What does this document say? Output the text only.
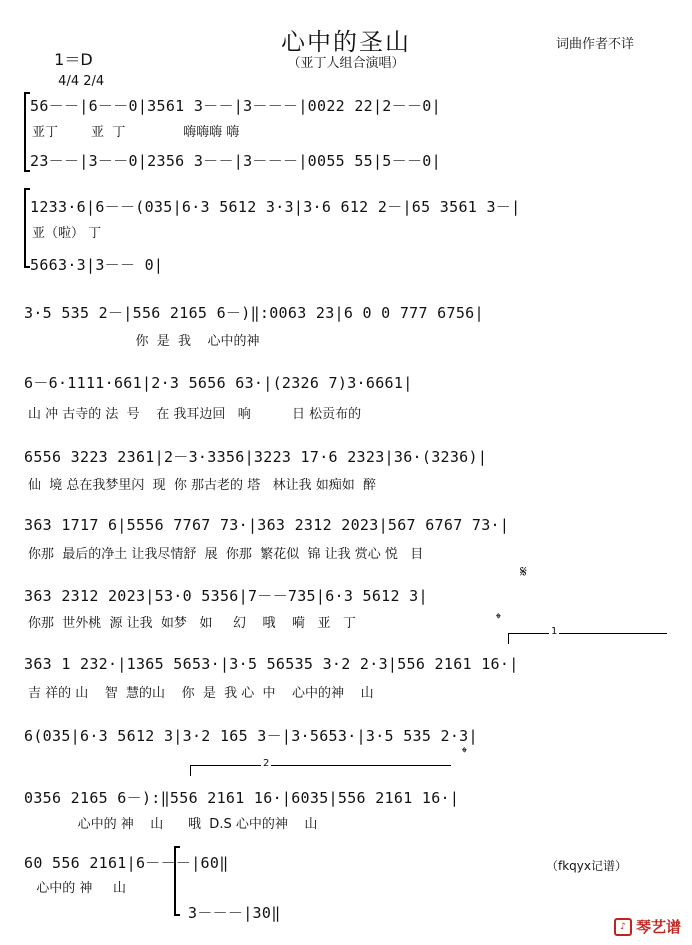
1＝D
4/4 2/4

心中的圣山
（亚丁人组合演唱）
词曲作者不详
56－－|6－－0|3561 3－－|3－－－|0022 22|2－－0|
亚丁        亚  丁              嗨嗨嗨 嗨
23－－|3－－0|2356 3－－|3－－－|0055 55|5－－0|
1233·6|6－－(035|6·3 5612 3·3|3·6 612 2－|65 3561 3－|
亚（啦） 丁
5663·3|3－－ 0|
3·5 535 2－|556 2165 6－)‖:0063 23|6 0 0 777 6756|
你  是  我    心中的神
6－6·1111·661|2·3 5656 63·|(2326 7)3·6661|
山 冲 古寺的 法  号    在 我耳边回   响          日 松贡布的
6556 3223 2361|2－3·3356|3223 17·6 2323|36·(3236)|
仙  境 总在我梦里闪  现  你 那古老的 塔   林让我 如痴如  醉
363 1717 6|5556 7767 73·|363 2312 2023|567 6767 73·|
你那  最后的净土 让我尽情舒  展  你那  繁花似  锦 让我 赏心 悦   目
363 2312 2023|53·0 5356|7－－735|6·3 5612 3|
你那  世外桃  源 让我  如梦   如     幻    哦    嗬   亚   丁
𝄋
𝄌
1
363 1 232·|1365 5653·|3·5 56535 3·2 2·3|556 2161 16·|
吉 祥的 山    智  慧的山    你  是  我 心  中    心中的神    山
6(035|6·3 5612 3|3·2 165 3－|3·5653·|3·5 535 2·3|
𝄌
2
0356 2165 6－):‖556 2161 16·|6035|556 2161 16·|
心中的 神    山      哦  D.S 心中的神    山
60 556 2161|6－－－|60‖
心中的 神     山
3－－－|30‖
（fkqyx记谱）
♪ 琴艺谱
